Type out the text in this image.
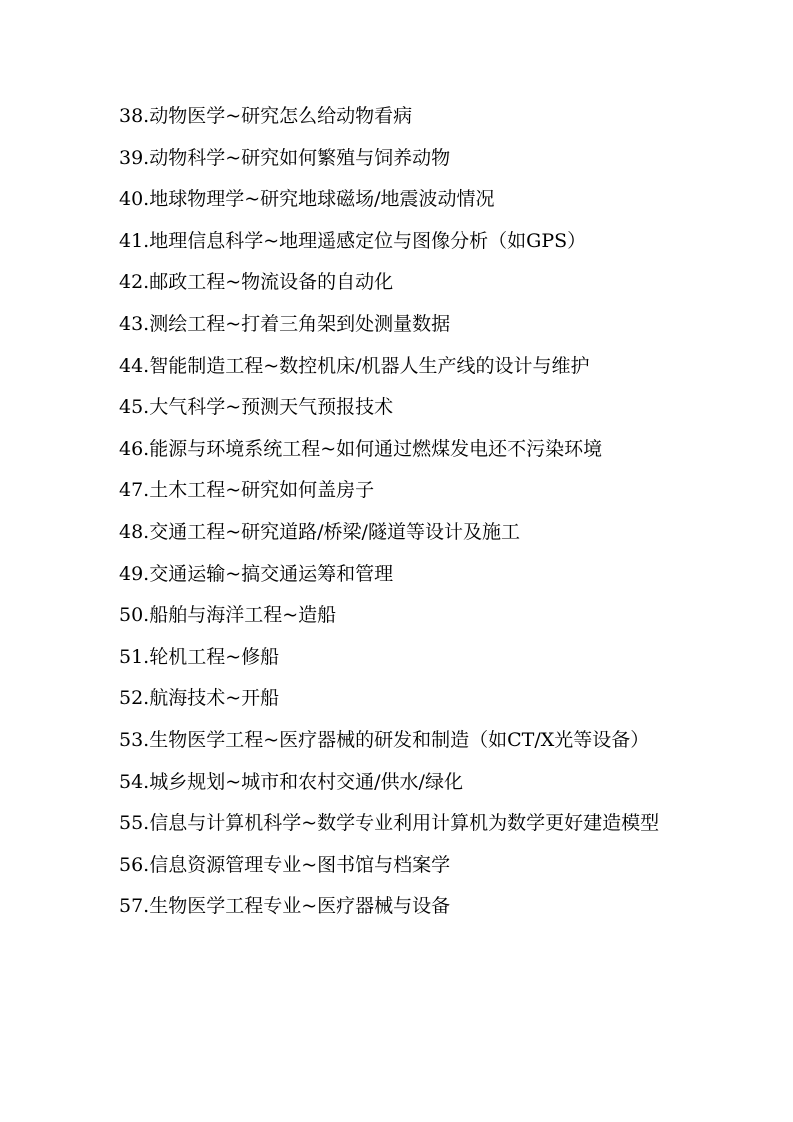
38.动物医学~研究怎么给动物看病

39.动物科学~研究如何繁殖与饲养动物

40.地球物理学~研究地球磁场/地震波动情况

41.地理信息科学~地理遥感定位与图像分析（如GPS）

42.邮政工程~物流设备的自动化

43.测绘工程~打着三角架到处测量数据

44.智能制造工程~数控机床/机器人生产线的设计与维护

45.大气科学~预测天气预报技术

46.能源与环境系统工程~如何通过燃煤发电还不污染环境

47.土木工程~研究如何盖房子

48.交通工程~研究道路/桥梁/隧道等设计及施工

49.交通运输~搞交通运筹和管理

50.船舶与海洋工程~造船

51.轮机工程~修船

52.航海技术~开船

53.生物医学工程~医疗器械的研发和制造（如CT/X光等设备）

54.城乡规划~城市和农村交通/供水/绿化

55.信息与计算机科学~数学专业利用计算机为数学更好建造模型

56.信息资源管理专业~图书馆与档案学

57.生物医学工程专业~医疗器械与设备
